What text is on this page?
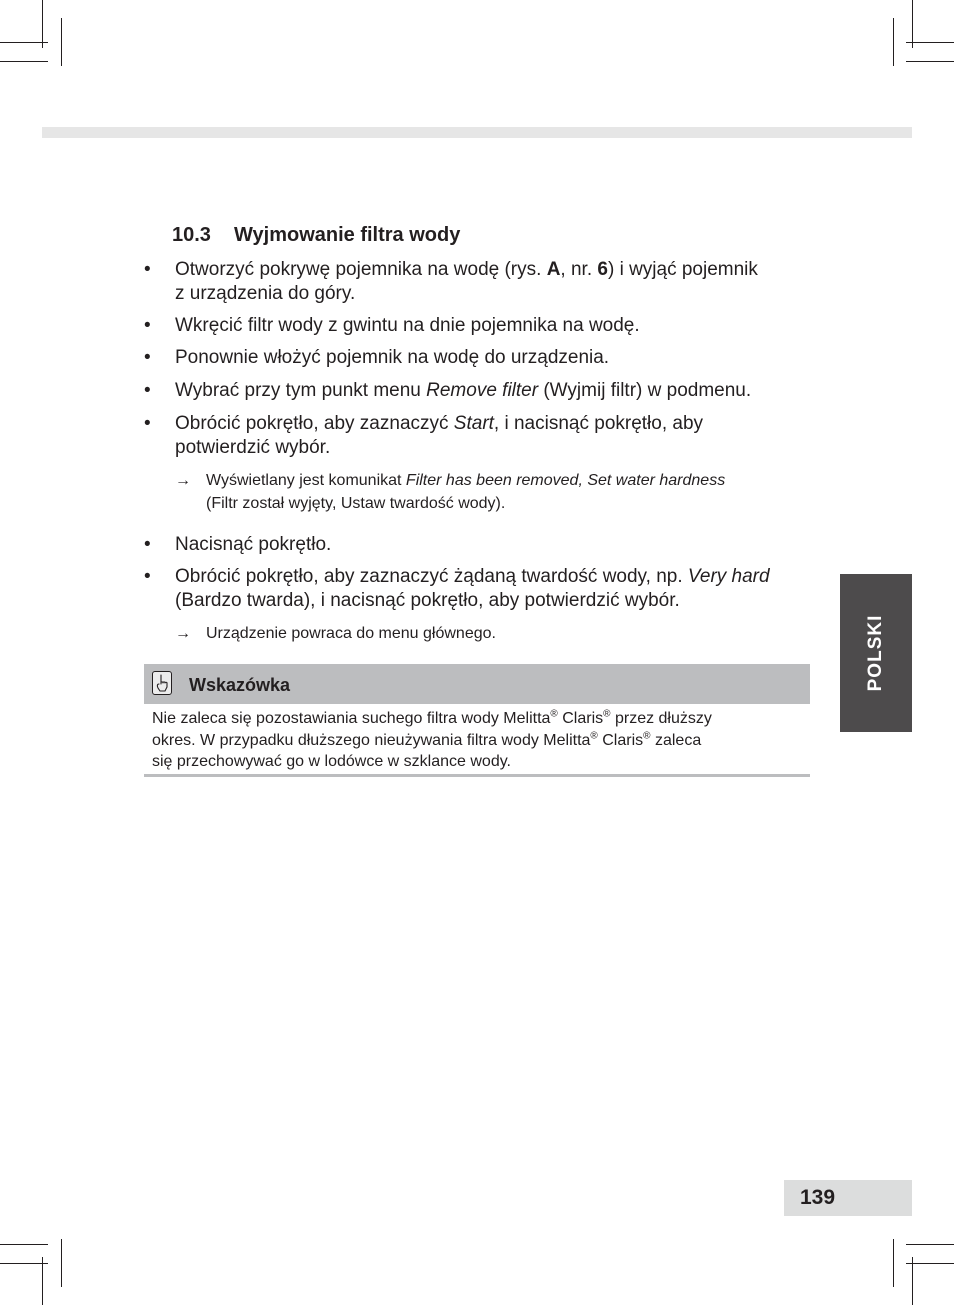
10.3 Wyjmowanie filtra wody
• Otworzyć pokrywę pojemnika na wodę (rys. A, nr. 6) i wyjąć pojemnik
z urządzenia do góry.
• Wkręcić filtr wody z gwintu na dnie pojemnika na wodę.
• Ponownie włożyć pojemnik na wodę do urządzenia.
• Wybrać przy tym punkt menu Remove filter (Wyjmij filtr) w podmenu.
• Obrócić pokrętło, aby zaznaczyć Start, i nacisnąć pokrętło, aby
potwierdzić wybór.
→ Wyświetlany jest komunikat Filter has been removed, Set water hardness
(Filtr został wyjęty, Ustaw twardość wody).
• Nacisnąć pokrętło.
• Obrócić pokrętło, aby zaznaczyć żądaną twardość wody, np. Very hard
(Bardzo twarda), i nacisnąć pokrętło, aby potwierdzić wybór.
→ Urządzenie powraca do menu głównego.
Wskazówka
Nie zaleca się pozostawiania suchego filtra wody Melitta® Claris® przez dłuższy
okres. W przypadku dłuższego nieużywania filtra wody Melitta® Claris® zaleca
się przechowywać go w lodówce w szklance wody.
POLSKI
139
